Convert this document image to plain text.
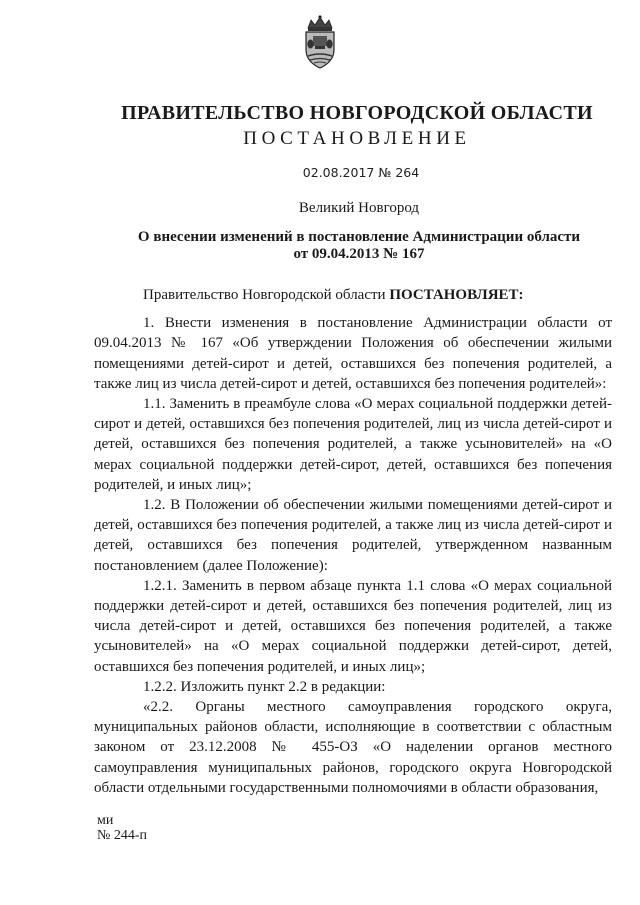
ПРАВИТЕЛЬСТВО НОВГОРОДСКОЙ ОБЛАСТИ
ПОСТАНОВЛЕНИЕ
02.08.2017 № 264
Великий Новгород
О внесении изменений в постановление Администрации области
от 09.04.2013 № 167

Правительство Новгородской области ПОСТАНОВЛЯЕТ:

1. Внести изменения в постановление Администрации области от 09.04.2013 № 167 «Об утверждении Положения об обеспечении жилыми помещениями детей-сирот и детей, оставшихся без попечения родителей, а также лиц из числа детей-сирот и детей, оставшихся без попечения родителей»:

1.1. Заменить в преамбуле слова «О мерах социальной поддержки детей-сирот и детей, оставшихся без попечения родителей, лиц из числа детей-сирот и детей, оставшихся без попечения родителей, а также усыновителей» на «О мерах социальной поддержки детей-сирот, детей, оставшихся без попечения родителей, и иных лиц»;

1.2. В Положении об обеспечении жилыми помещениями детей-сирот и детей, оставшихся без попечения родителей, а также лиц из числа детей-сирот и детей, оставшихся без попечения родителей, утвержденном названным постановлением (далее Положение):

1.2.1. Заменить в первом абзаце пункта 1.1 слова «О мерах социальной поддержки детей-сирот и детей, оставшихся без попечения родителей, лиц из числа детей-сирот и детей, оставшихся без попечения родителей, а также усыновителей» на «О мерах социальной поддержки детей-сирот, детей, оставшихся без попечения родителей, и иных лиц»;

1.2.2. Изложить пункт 2.2 в редакции:

«2.2. Органы местного самоуправления городского округа, муниципальных районов области, исполняющие в соответствии с областным законом от 23.12.2008 № 455-ОЗ «О наделении органов местного самоуправления муниципальных районов, городского округа Новгородской области отдельными государственными полномочиями в области образования,

ми
№ 244-п
